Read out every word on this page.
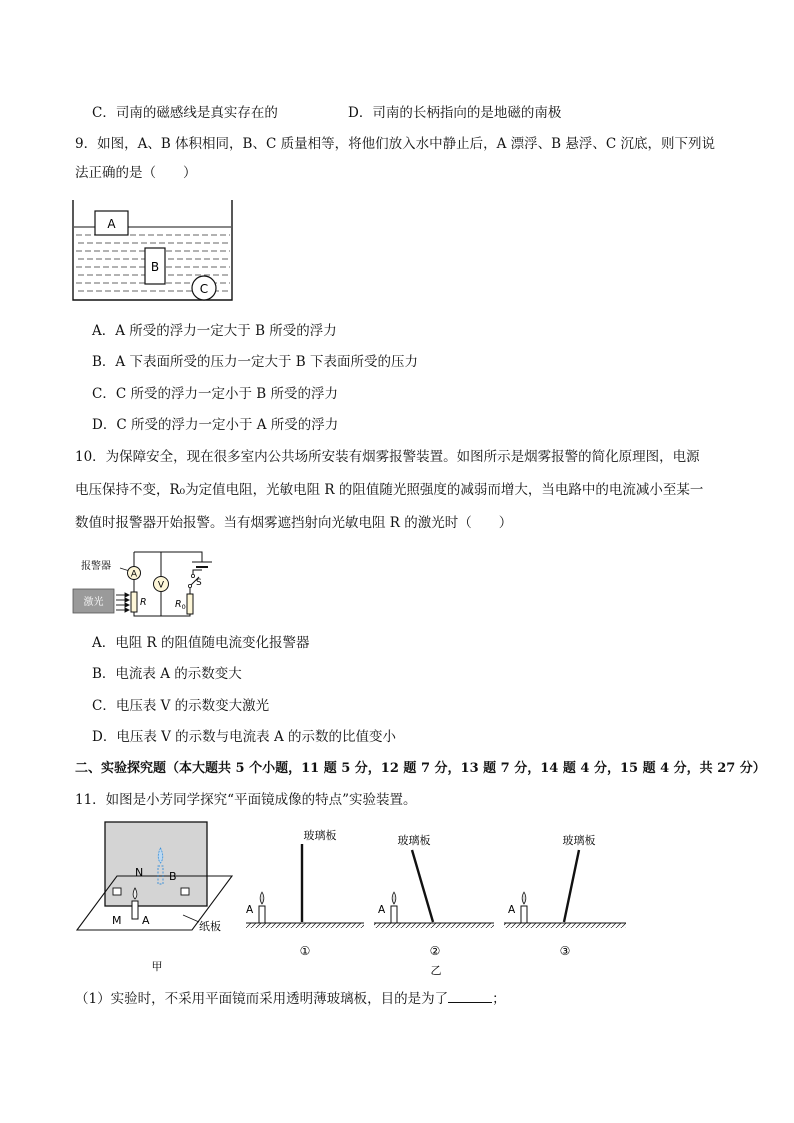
C．司南的磁感线是真实存在的	D．司南的长柄指向的是地磁的南极
9．如图，A、B 体积相同，B、C 质量相等，将他们放入水中静止后，A 漂浮、B 悬浮、C 沉底，则下列说
法正确的是（　　）
A
B
C
A．A 所受的浮力一定大于 B 所受的浮力
B．A 下表面所受的压力一定大于 B 下表面所受的压力
C．C 所受的浮力一定小于 B 所受的浮力
D．C 所受的浮力一定小于 A 所受的浮力
10．为保障安全，现在很多室内公共场所安装有烟雾报警装置。如图所示是烟雾报警的简化原理图，电源
电压保持不变，R₀为定值电阻，光敏电阻 R 的阻值随光照强度的减弱而增大，当电路中的电流减小至某一
数值时报警器开始报警。当有烟雾遮挡射向光敏电阻 R 的激光时（　　）
S
A
报警器
V
R	$R_0$
激光
A．电阻 R 的阻值随电流变化报警器
B．电流表 A 的示数变大
C．电压表 V 的示数变大激光
D．电压表 V 的示数与电流表 A 的示数的比值变小
二、实验探究题（本大题共 5 个小题，11 题 5 分，12 题 7 分，13 题 7 分，14 题 4 分，15 题 4 分，共 27 分）
11．如图是小芳同学探究“平面镜成像的特点”实验装置。
B
N
M A	纸板
甲
玻璃板
A
①
玻璃板
A
②
玻璃板
A
③
乙
（1）实验时，不采用平面镜而采用透明薄玻璃板，目的是为了	；
